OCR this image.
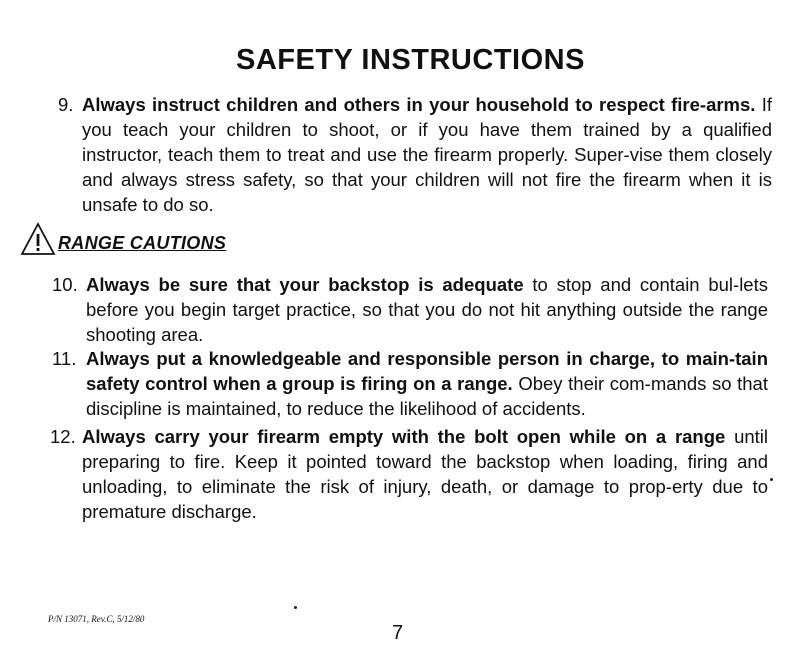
SAFETY INSTRUCTIONS
9. Always instruct children and others in your household to respect fire-arms. If you teach your children to shoot, or if you have them trained by a qualified instructor, teach them to treat and use the firearm properly. Super-vise them closely and always stress safety, so that your children will not fire the firearm when it is unsafe to do so.
RANGE CAUTIONS
10. Always be sure that your backstop is adequate to stop and contain bul-lets before you begin target practice, so that you do not hit anything outside the range shooting area.
11. Always put a knowledgeable and responsible person in charge, to main-tain safety control when a group is firing on a range. Obey their com-mands so that discipline is maintained, to reduce the likelihood of accidents.
12. Always carry your firearm empty with the bolt open while on a range until preparing to fire. Keep it pointed toward the backstop when loading, firing and unloading, to eliminate the risk of injury, death, or damage to prop-erty due to premature discharge.
P/N 13071, Rev.C, 5/12/80
7
